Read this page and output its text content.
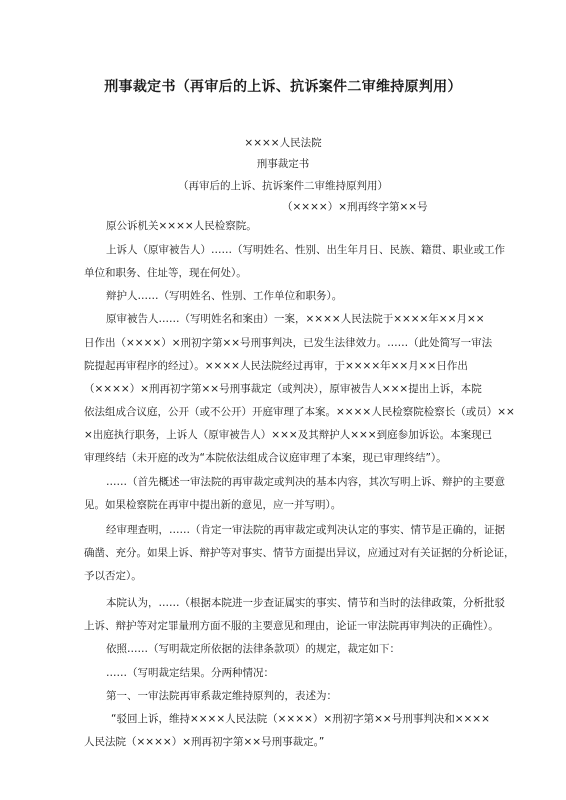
刑事裁定书（再审后的上诉、抗诉案件二审维持原判用）
××××人民法院
刑事裁定书
（再审后的上诉、抗诉案件二审维持原判用）
（××××）×刑再终字第××号
原公诉机关××××人民检察院。
上诉人（原审被告人）……（写明姓名、性别、出生年月日、民族、籍贯、职业或工作
单位和职务、住址等，现在何处）。
辩护人……（写明姓名、性别、工作单位和职务）。
原审被告人……（写明姓名和案由）一案，××××人民法院于××××年××月××
日作出（××××）×刑初字第××号刑事判决，已发生法律效力。……（此处简写一审法
院提起再审程序的经过）。××××人民法院经过再审，于××××年××月××日作出
（××××）×刑再初字第××号刑事裁定（或判决），原审被告人×××提出上诉，本院
依法组成合议庭，公开（或不公开）开庭审理了本案。××××人民检察院检察长（或员）××
×出庭执行职务，上诉人（原审被告人）×××及其辩护人×××到庭参加诉讼。本案现已
审理终结（未开庭的改为“本院依法组成合议庭审理了本案，现已审理终结”）。
……（首先概述一审法院的再审裁定或判决的基本内容，其次写明上诉、辩护的主要意
见。如果检察院在再审中提出新的意见，应一并写明）。
经审理查明，……（肯定一审法院的再审裁定或判决认定的事实、情节是正确的，证据
确凿、充分。如果上诉、辩护等对事实、情节方面提出异议，应通过对有关证据的分析论证，
予以否定）。
本院认为，……（根据本院进一步查证属实的事实、情节和当时的法律政策，分析批驳
上诉、辩护等对定罪量刑方面不服的主要意见和理由，论证一审法院再审判决的正确性）。
依照……（写明裁定所依据的法律条款项）的规定，裁定如下：
……（写明裁定结果。分两种情况：
第一、一审法院再审系裁定维持原判的，表述为：
“驳回上诉，维持××××人民法院（××××）×刑初字第××号刑事判决和××××
人民法院（××××）×刑再初字第××号刑事裁定。”
